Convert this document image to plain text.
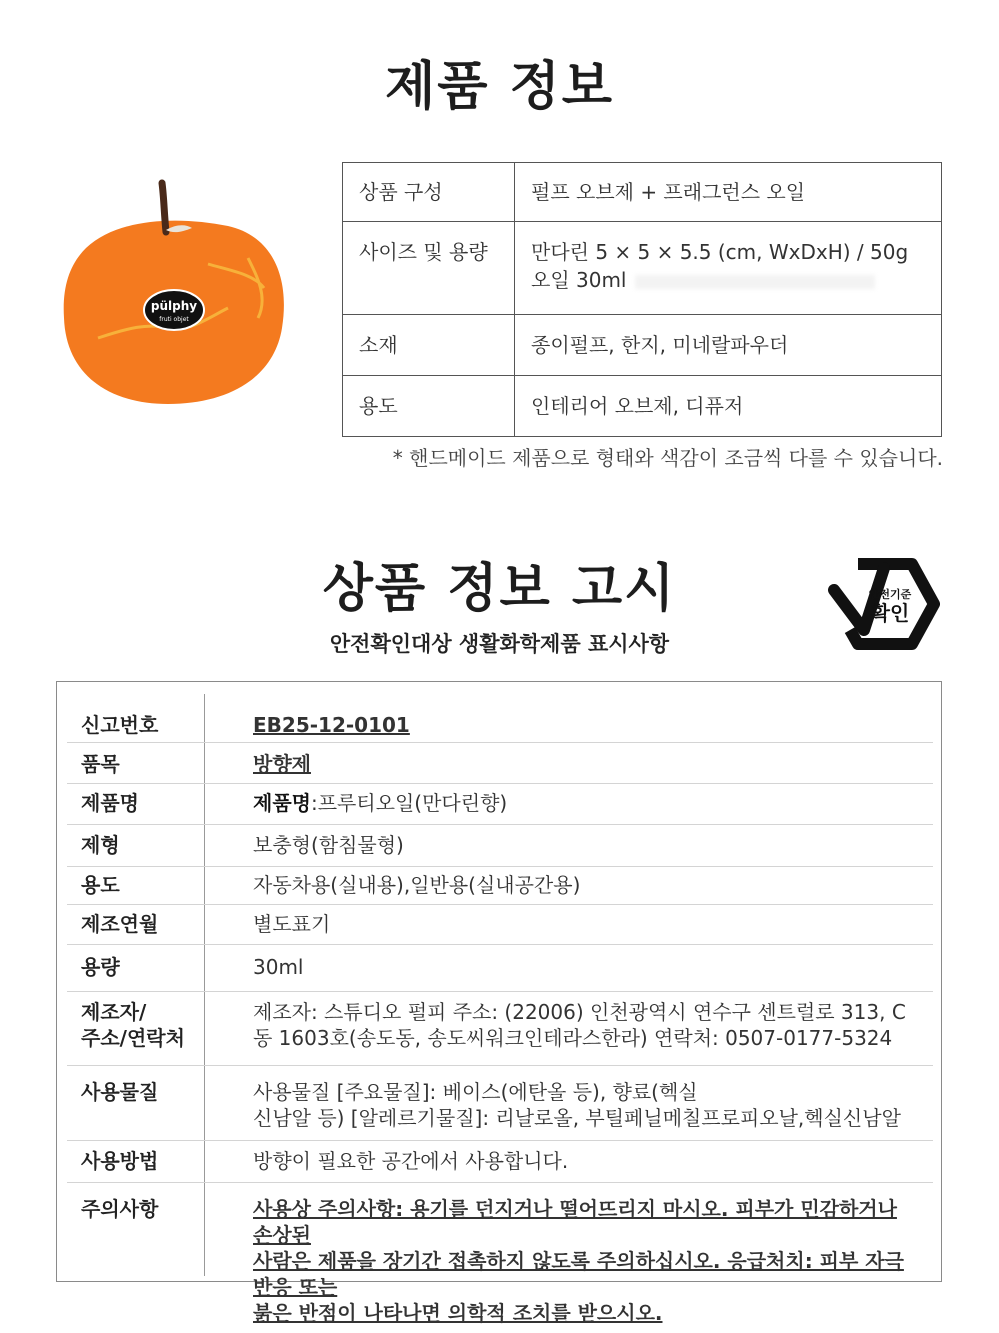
제품 정보
pülphy
fruti objet
상품 구성	펄프 오브제 + 프래그런스 오일
사이즈 및 용량	만다린 5 × 5 × 5.5 (cm, WxDxH) / 50g
오일 30ml

소재	종이펄프, 한지, 미네랄파우더
용도	인테리어 오브제, 디퓨저
* 핸드메이드 제품으로 형태와 색감이 조금씩 다를 수 있습니다.
상품 정보 고시
안전확인대상 생활화학제품 표시사항
안전기준
확인
신고번호	EB25-12-0101
품목	방향제
제품명	제품명:프루티오일(만다린향)
제형	보충형(함침물형)
용도	자동차용(실내용),일반용(실내공간용)
제조연월	별도표기
용량	30ml
제조자/
주소/연락처
제조자: 스튜디오 펄피 주소: (22006) 인천광역시 연수구 센트럴로 313, C동 1603호(송도동, 송도씨워크인테라스한라) 연락처: 0507-0177-5324
사용물질	사용물질 [주요물질]: 베이스(에탄올 등), 향료(헥실
신남알 등) [알레르기물질]: 리날로올, 부틸페닐메칠프로피오날,헥실신남알
사용방법	방향이 필요한 공간에서 사용합니다.
주의사항	사용상 주의사항: 용기를 던지거나 떨어뜨리지 마시오. 피부가 민감하거나 손상된
사람은 제품을 장기간 접촉하지 않도록 주의하십시오. 응급처치: 피부 자극 반응 또는
붉은 반점이 나타나면 의학적 조치를 받으시오.
